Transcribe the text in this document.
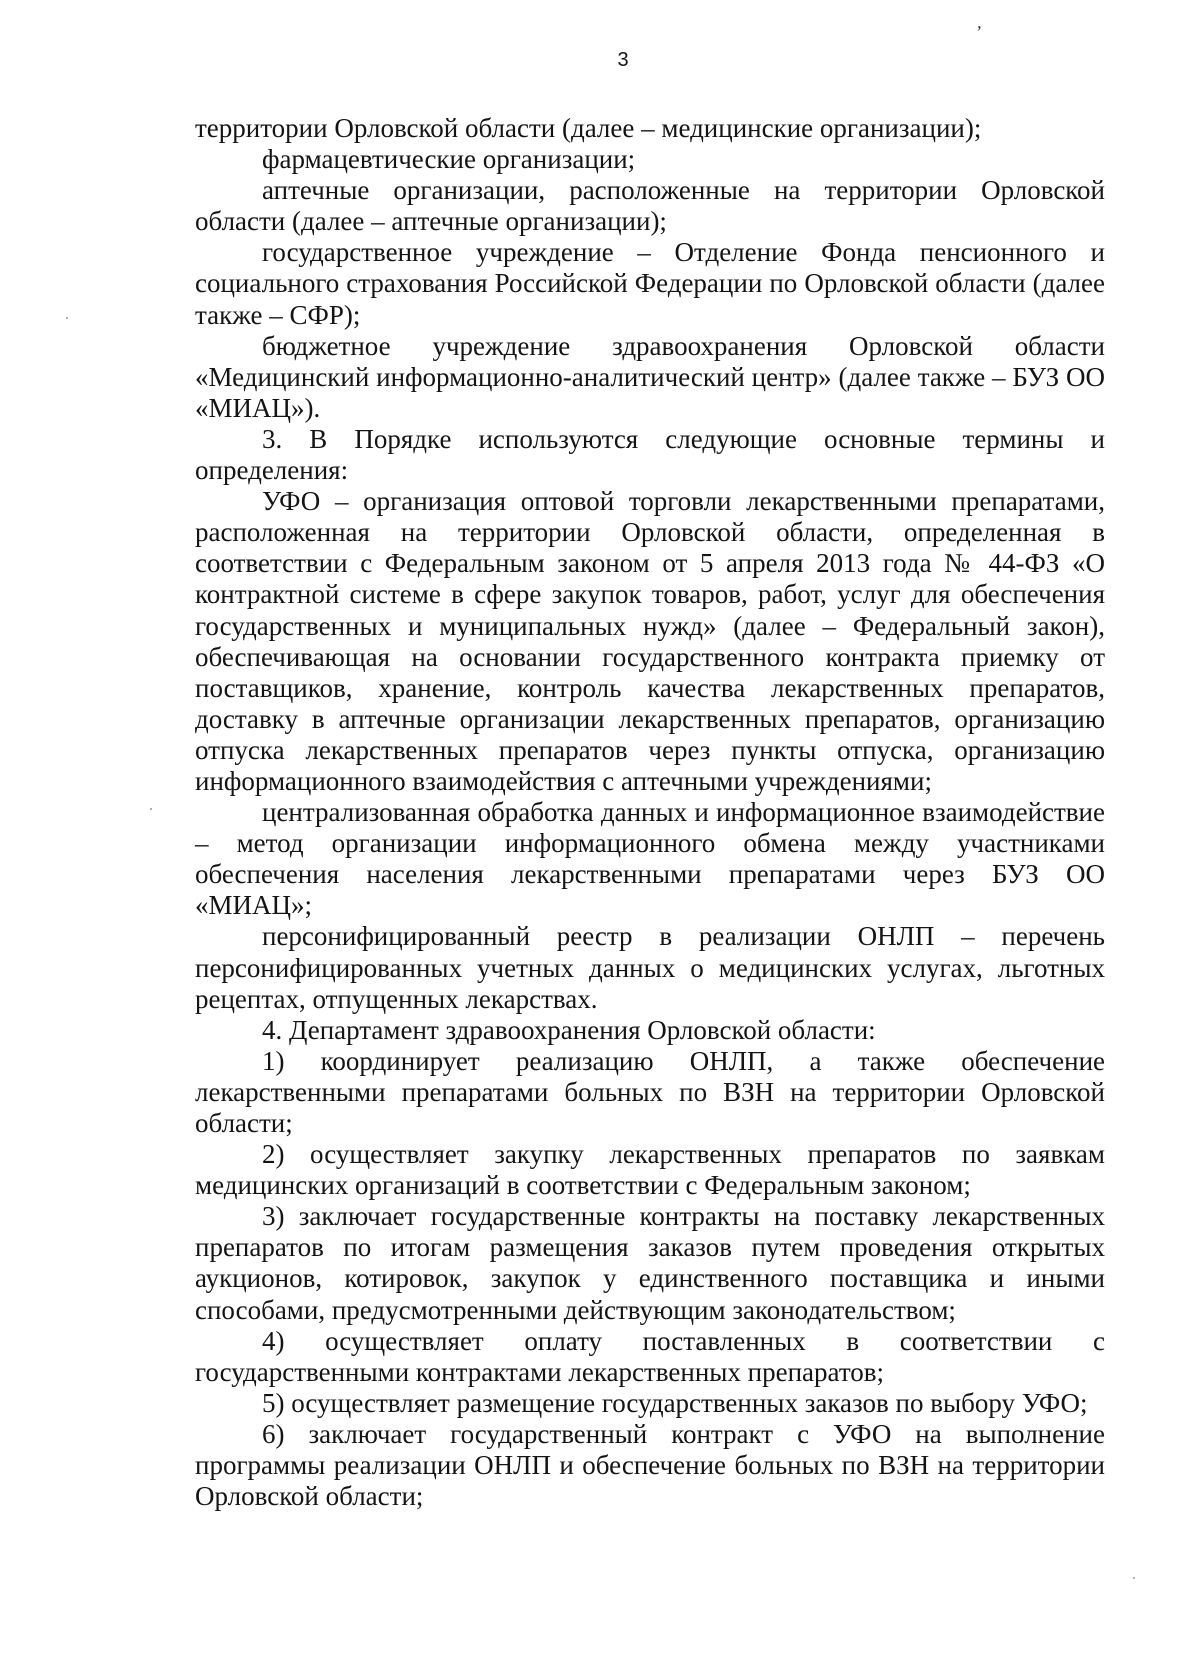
ʼ
3

территории Орловской области (далее – медицинские организации);

фармацевтические организации;

аптечные организации, расположенные на территории Орловской области (далее – аптечные организации);

государственное учреждение – Отделение Фонда пенсионного и социального страхования Российской Федерации по Орловской области (далее также – СФР);

бюджетное учреждение здравоохранения Орловской области «Медицинский информационно-аналитический центр» (далее также – БУЗ ОО «МИАЦ»).

3. В Порядке используются следующие основные термины и определения:

УФО – организация оптовой торговли лекарственными препаратами, расположенная на территории Орловской области, определенная в соответствии с Федеральным законом от 5 апреля 2013 года № 44-ФЗ «О контрактной системе в сфере закупок товаров, работ, услуг для обеспечения государственных и муниципальных нужд» (далее – Федеральный закон), обеспечивающая на основании государственного контракта приемку от поставщиков, хранение, контроль качества лекарственных препаратов, доставку в аптечные организации лекарственных препаратов, организацию отпуска лекарственных препаратов через пункты отпуска, организацию информационного взаимодействия с аптечными учреждениями;

централизованная обработка данных и информационное взаимодействие – метод организации информационного обмена между участниками обеспечения населения лекарственными препаратами через БУЗ ОО «МИАЦ»;

персонифицированный реестр в реализации ОНЛП – перечень персонифицированных учетных данных о медицинских услугах, льготных рецептах, отпущенных лекарствах.

4. Департамент здравоохранения Орловской области:

1) координирует реализацию ОНЛП, а также обеспечение лекарственными препаратами больных по ВЗН на территории Орловской области;

2) осуществляет закупку лекарственных препаратов по заявкам медицинских организаций в соответствии с Федеральным законом;

3) заключает государственные контракты на поставку лекарственных препаратов по итогам размещения заказов путем проведения открытых аукционов, котировок, закупок у единственного поставщика и иными способами, предусмотренными действующим законодательством;

4) осуществляет оплату поставленных в соответствии с государственными контрактами лекарственных препаратов;

5) осуществляет размещение государственных заказов по выбору УФО;

6) заключает государственный контракт с УФО на выполнение программы реализации ОНЛП и обеспечение больных по ВЗН на территории Орловской области;
